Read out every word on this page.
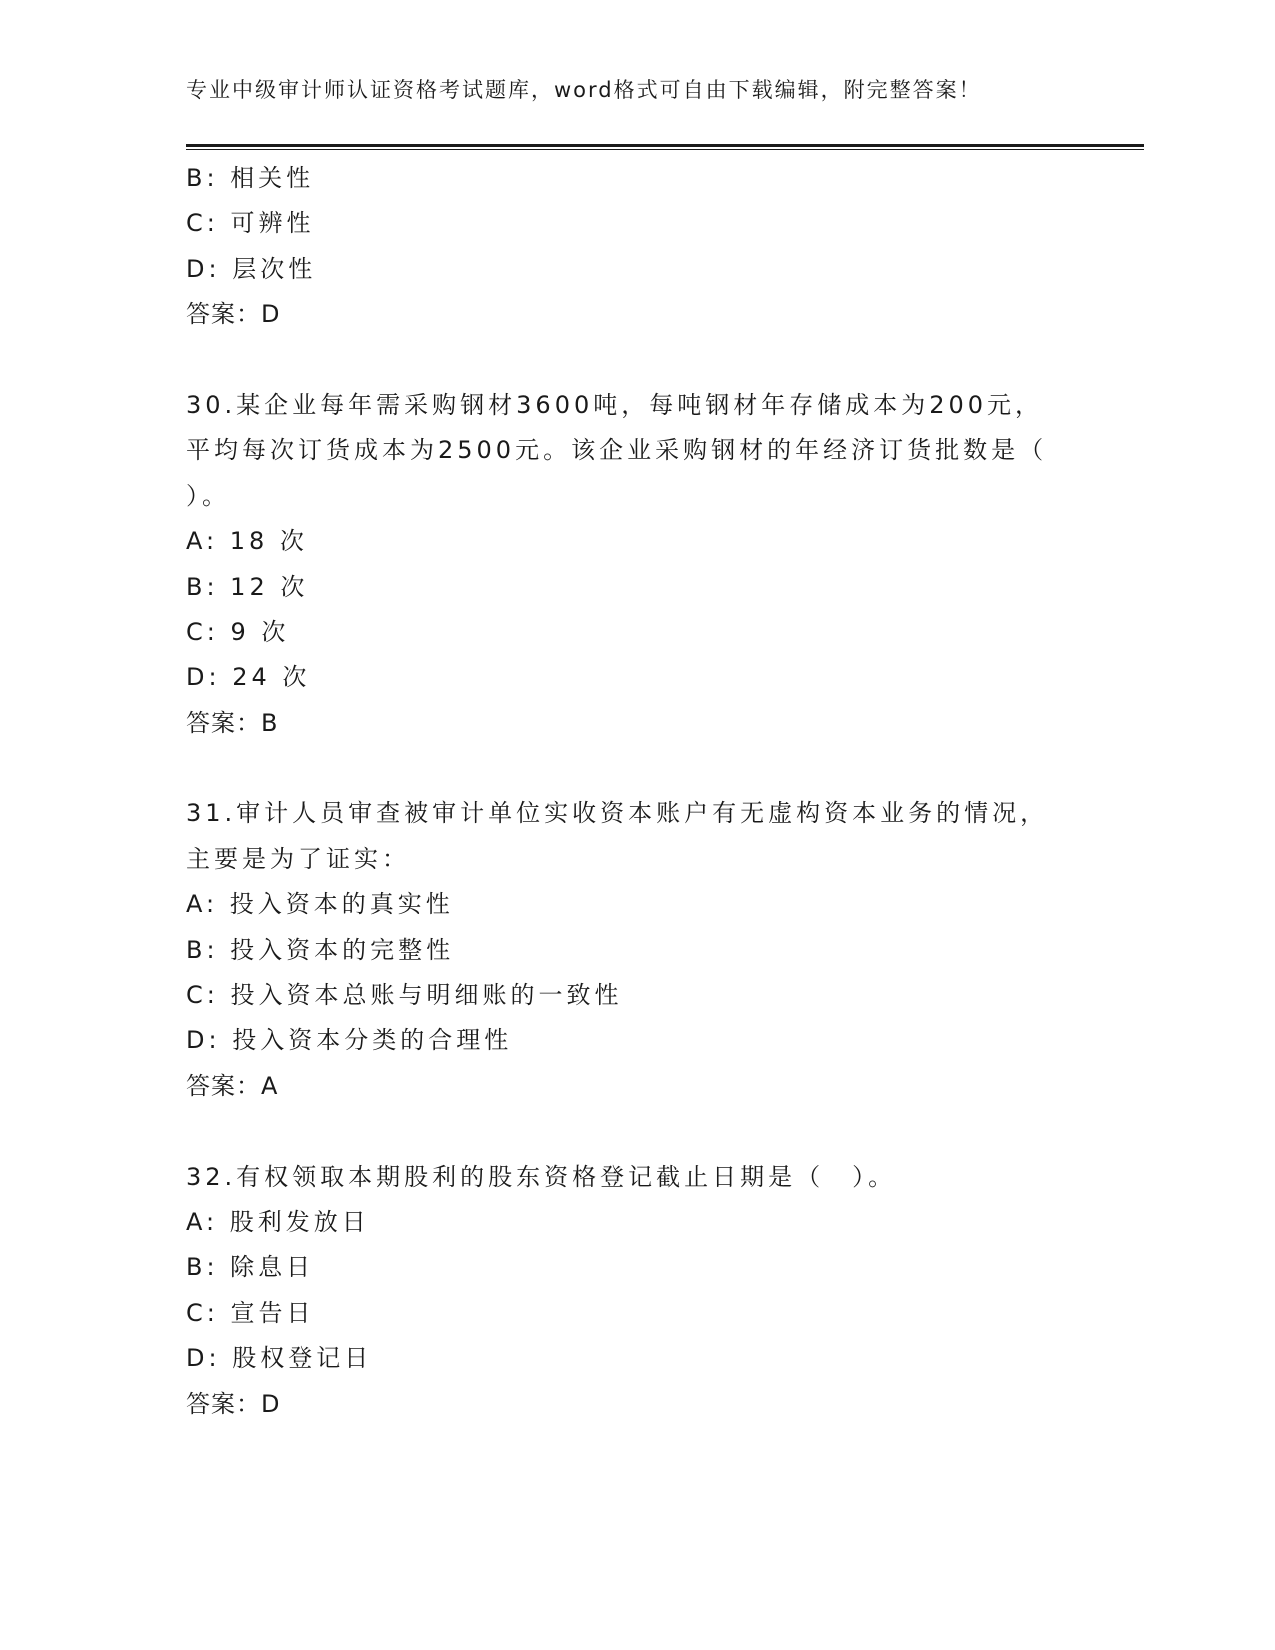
专业中级审计师认证资格考试题库，word格式可自由下载编辑，附完整答案！
B: 相关性
C: 可辨性
D: 层次性
答案：D
30.某企业每年需采购钢材3600吨，每吨钢材年存储成本为200元，
平均每次订货成本为2500元。该企业采购钢材的年经济订货批数是（
）。
A: 18 次
B: 12 次
C: 9 次
D: 24 次
答案：B
31.审计人员审查被审计单位实收资本账户有无虚构资本业务的情况，
主要是为了证实：
A: 投入资本的真实性
B: 投入资本的完整性
C: 投入资本总账与明细账的一致性
D: 投入资本分类的合理性
答案：A
32.有权领取本期股利的股东资格登记截止日期是（　）。
A: 股利发放日
B: 除息日
C: 宣告日
D: 股权登记日
答案：D
